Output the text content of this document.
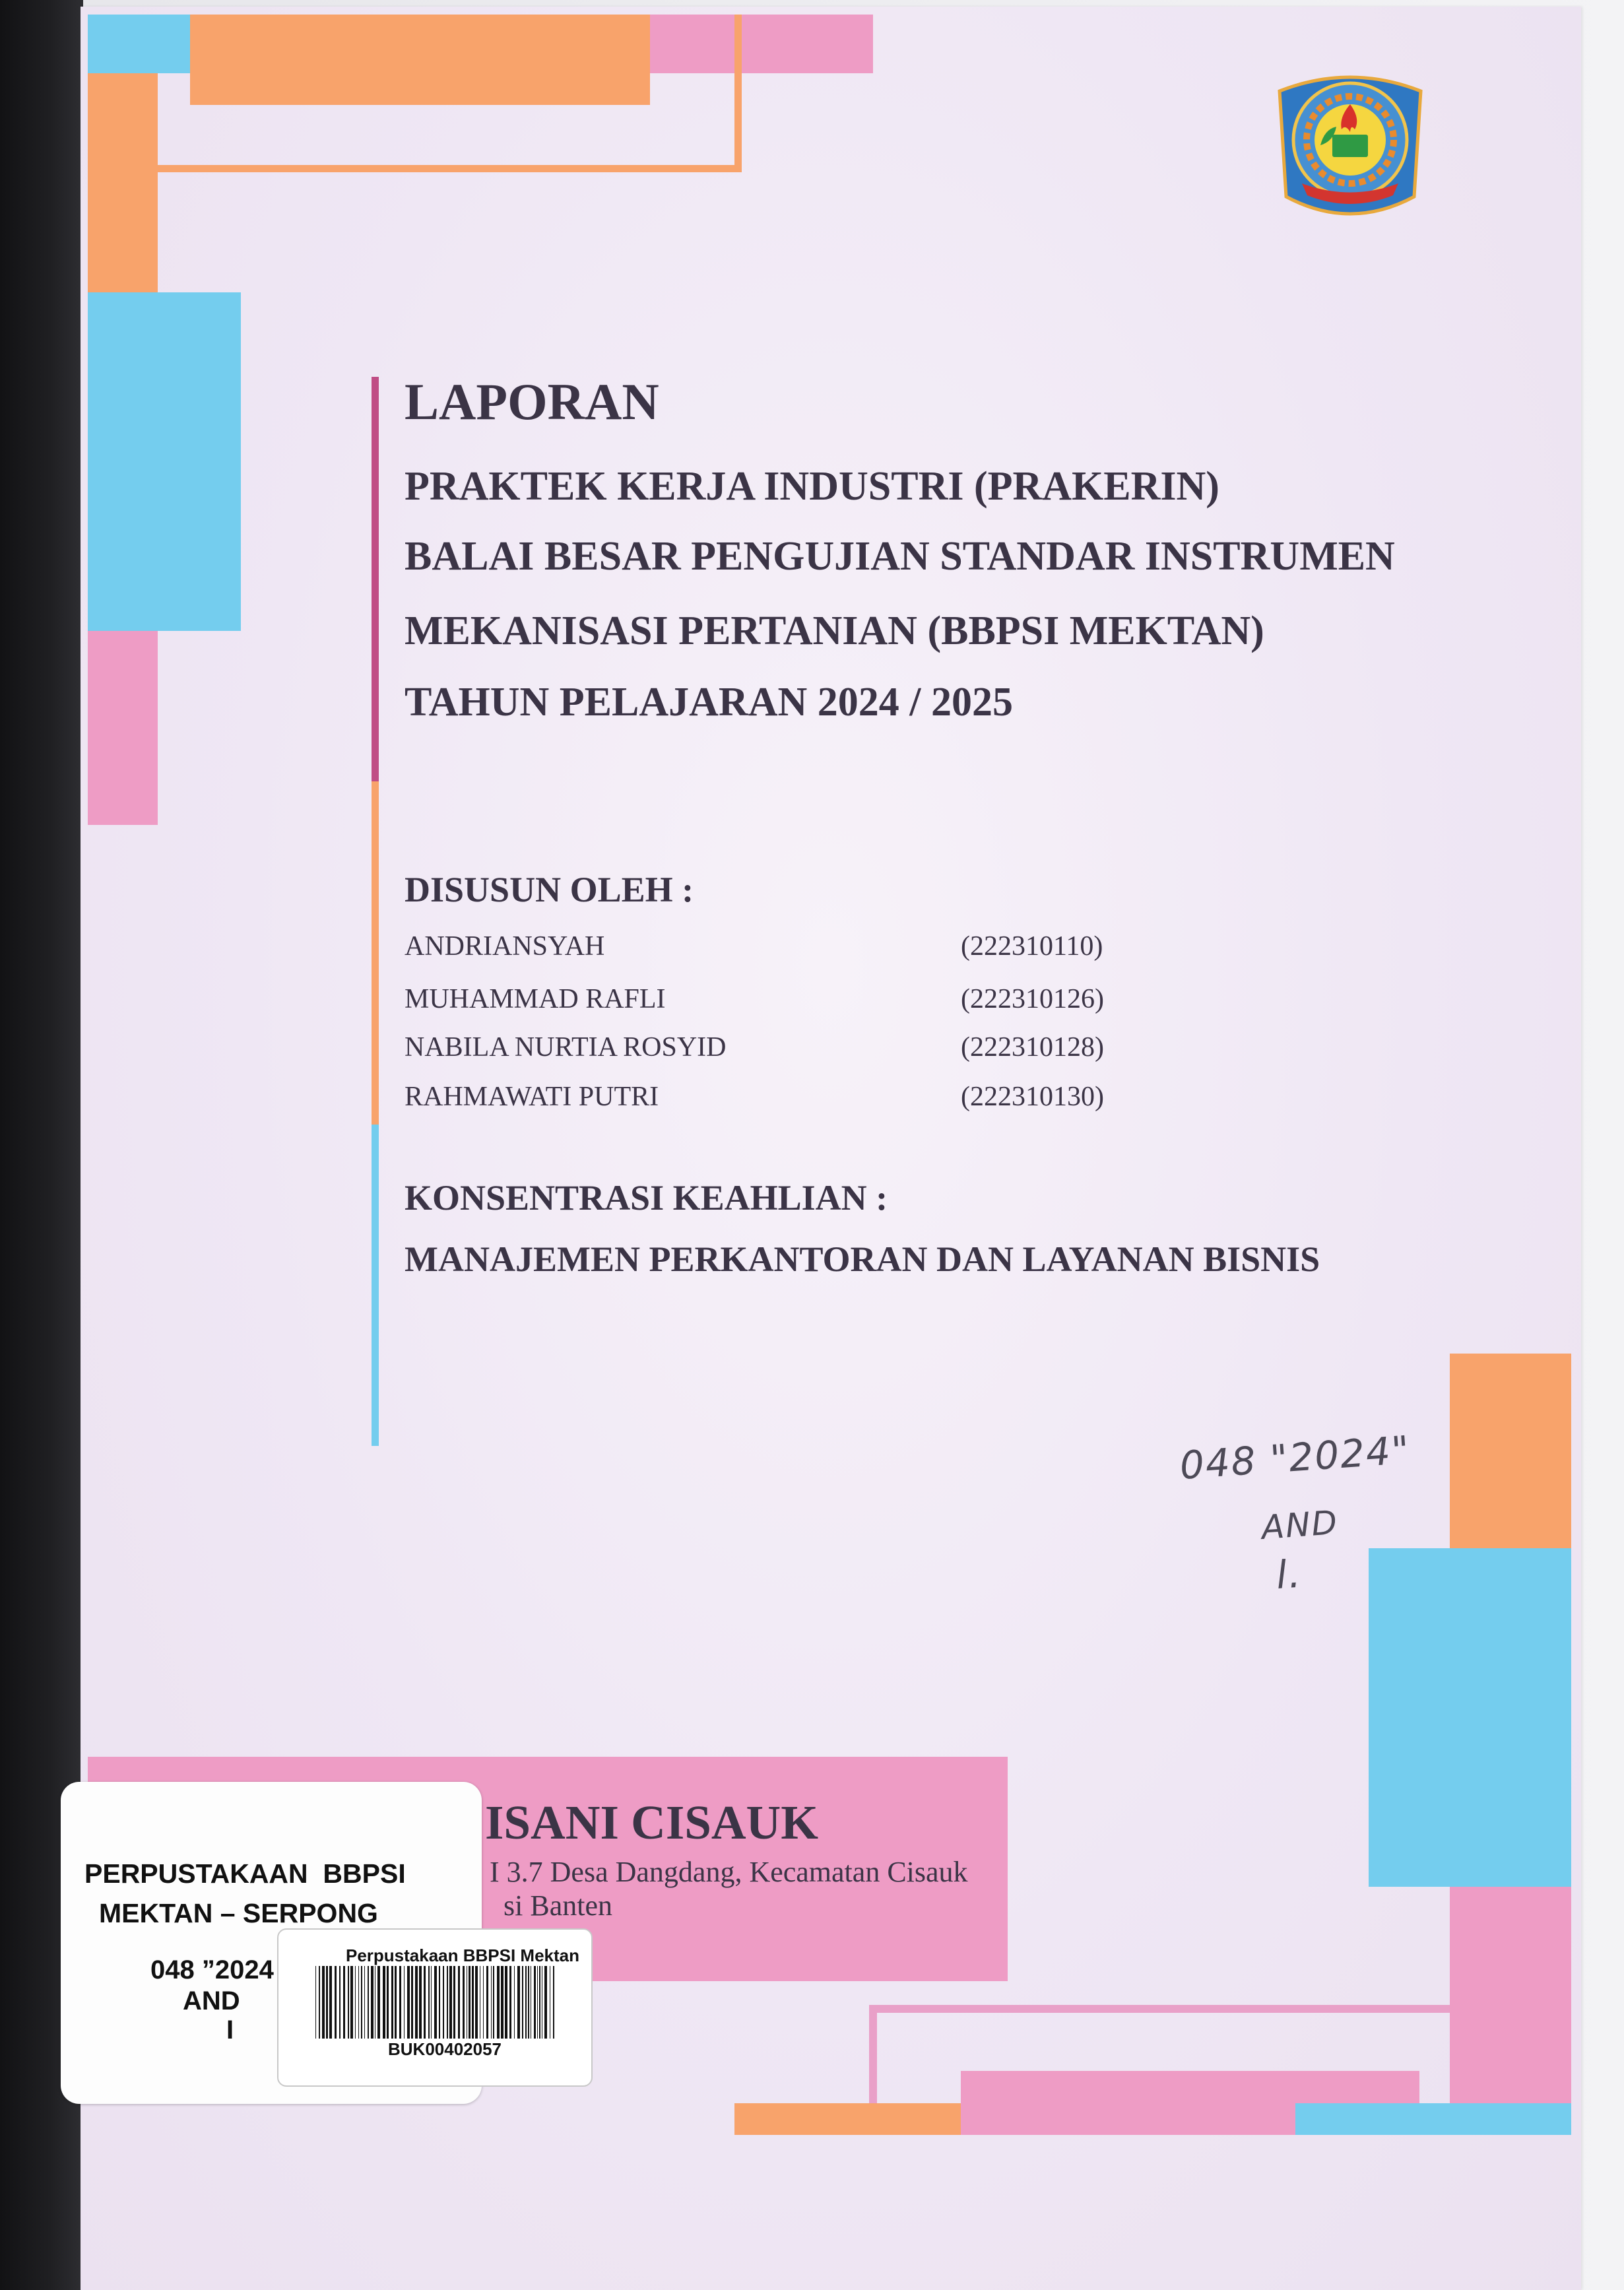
LAPORAN
PRAKTEK KERJA INDUSTRI (PRAKERIN)
BALAI BESAR PENGUJIAN STANDAR INSTRUMEN
MEKANISASI PERTANIAN (BBPSI MEKTAN)
TAHUN PELAJARAN 2024 / 2025
DISUSUN OLEH :
ANDRIANSYAH	(222310110)
MUHAMMAD RAFLI	(222310126)
NABILA NURTIA ROSYID	(222310128)
RAHMAWATI PUTRI	(222310130)
KONSENTRASI KEAHLIAN :
MANAJEMEN PERKANTORAN DAN LAYANAN BISNIS
048 "2024"
AND
l.
ISANI CISAUK
I 3.7 Desa Dangdang, Kecamatan Cisauk
si Banten
PERPUSTAKAAN  BBPSI
MEKTAN – SERPONG
048 ”2024
AND
I
Perpustakaan BBPSI Mektan
BUK00402057
